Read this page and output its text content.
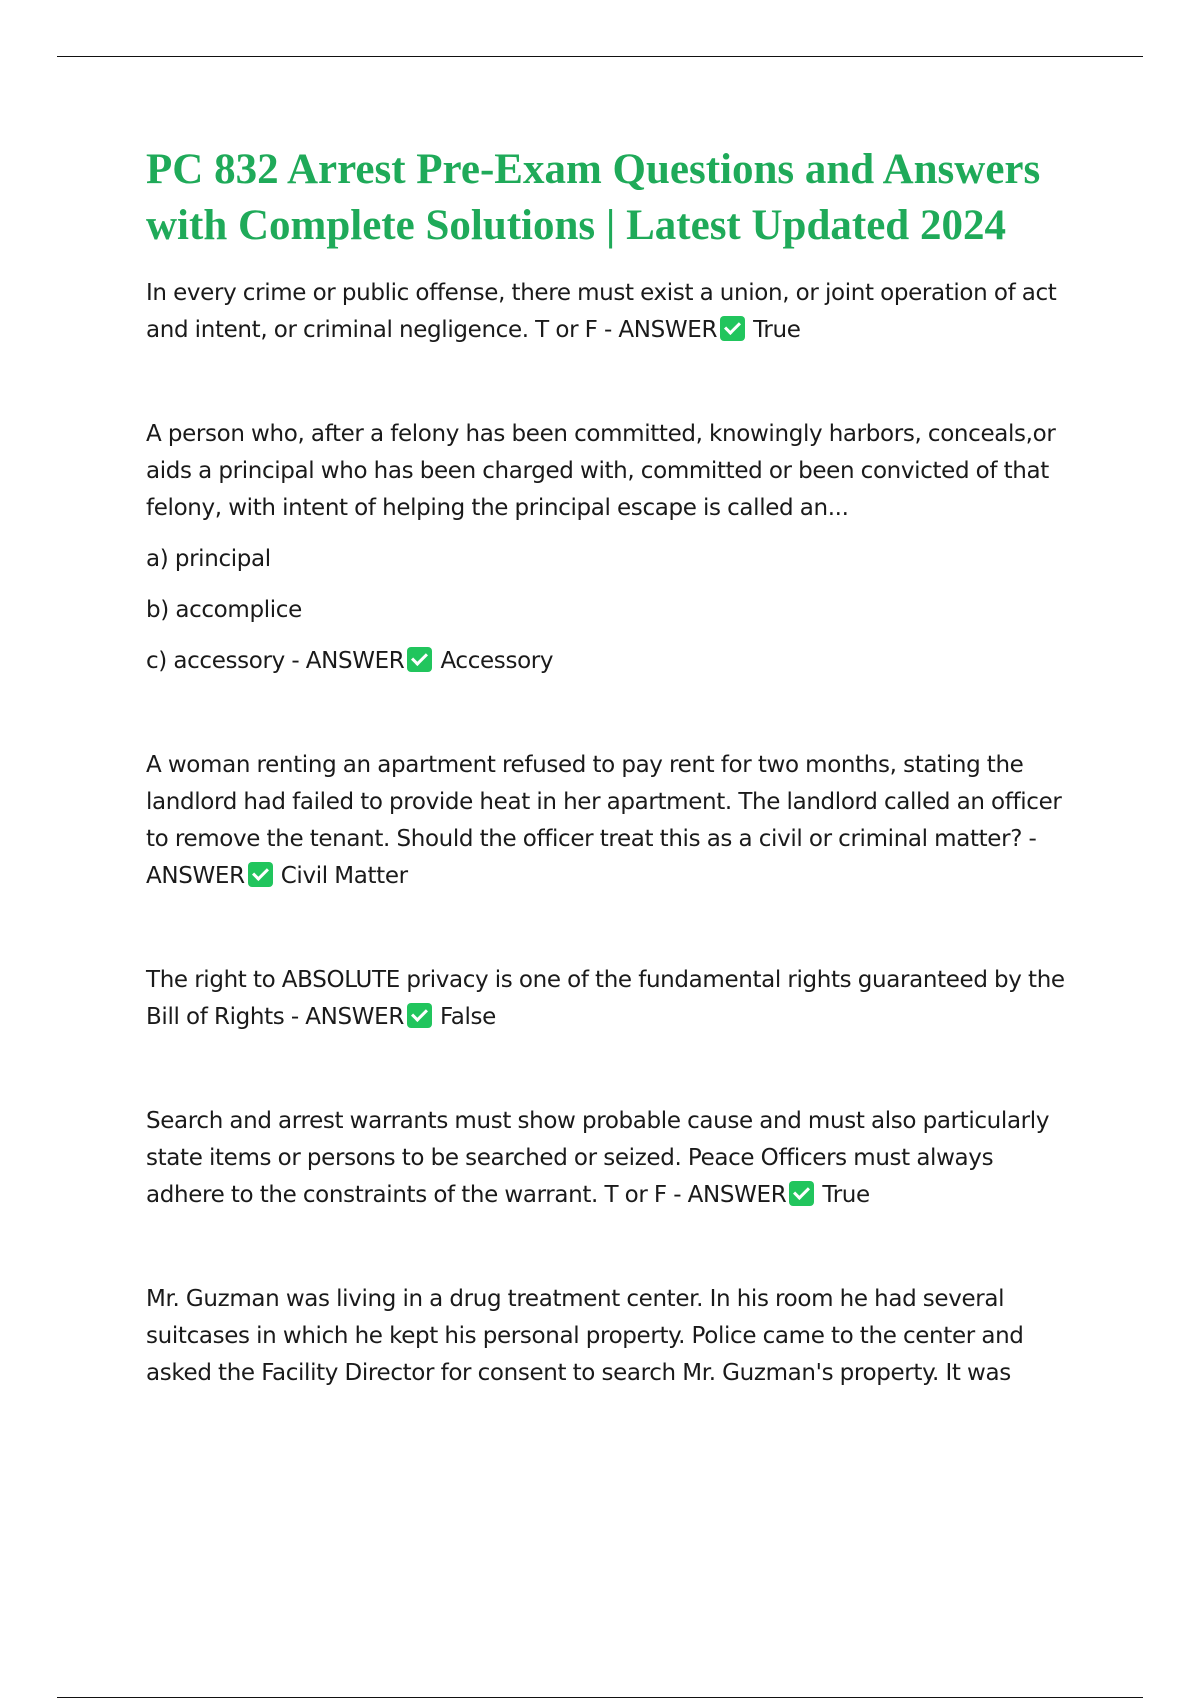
PC 832 Arrest Pre-Exam Questions and Answers
with Complete Solutions | Latest Updated 2024

In every crime or public offense, there must exist a union, or joint operation of act
and intent, or criminal negligence. T or F - ANSWER True

A person who, after a felony has been committed, knowingly harbors, conceals,or
aids a principal who has been charged with, committed or been convicted of that
felony, with intent of helping the principal escape is called an...

a) principal

b) accomplice

c) accessory - ANSWER Accessory

A woman renting an apartment refused to pay rent for two months, stating the
landlord had failed to provide heat in her apartment. The landlord called an officer
to remove the tenant. Should the officer treat this as a civil or criminal matter? -
ANSWER Civil Matter

The right to ABSOLUTE privacy is one of the fundamental rights guaranteed by the
Bill of Rights - ANSWER False

Search and arrest warrants must show probable cause and must also particularly
state items or persons to be searched or seized. Peace Officers must always
adhere to the constraints of the warrant. T or F - ANSWER True

Mr. Guzman was living in a drug treatment center. In his room he had several
suitcases in which he kept his personal property. Police came to the center and
asked the Facility Director for consent to search Mr. Guzman's property. It was
